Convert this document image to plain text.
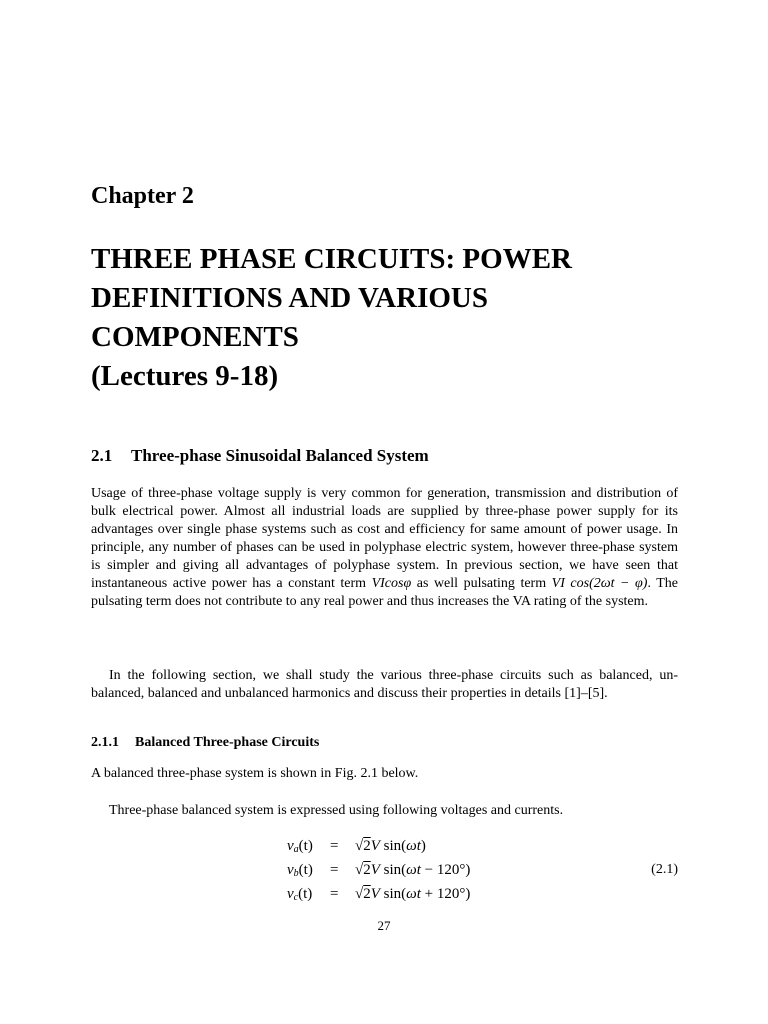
Chapter 2
THREE PHASE CIRCUITS: POWER
DEFINITIONS AND VARIOUS
COMPONENTS
(Lectures 9-18)
2.1 Three-phase Sinusoidal Balanced System
Usage of three-phase voltage supply is very common for generation, transmission and distribution of bulk electrical power. Almost all industrial loads are supplied by three-phase power supply for its advantages over single phase systems such as cost and efficiency for same amount of power usage. In principle, any number of phases can be used in polyphase electric system, however three-phase system is simpler and giving all advantages of polyphase system. In previous section, we have seen that instantaneous active power has a constant term VIcosφ as well pulsating term VI cos(2ωt − φ). The pulsating term does not contribute to any real power and thus increases the VA rating of the system.
In the following section, we shall study the various three-phase circuits such as balanced, un-balanced, balanced and unbalanced harmonics and discuss their properties in details [1]–[5].
2.1.1 Balanced Three-phase Circuits
A balanced three-phase system is shown in Fig. 2.1 below.
Three-phase balanced system is expressed using following voltages and currents.
$v_a(t) = √2V$ sin(ωt)
$v_b(t) = √2V$ sin(ωt − 120°)
$v_c(t) = √2V$ sin(ωt + 120°)
(2.1)
27
